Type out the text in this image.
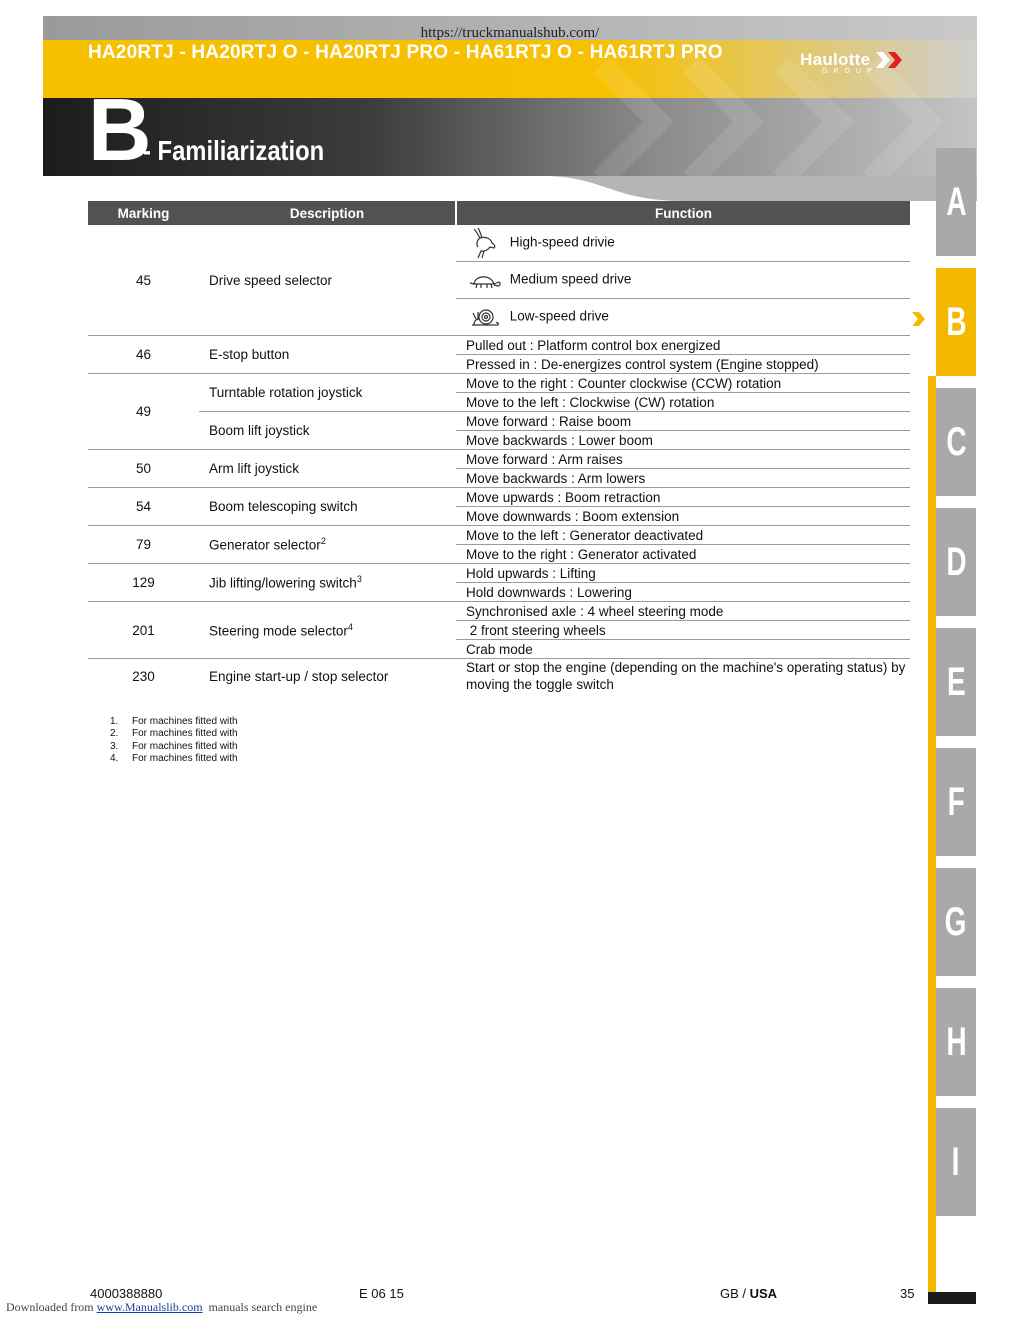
https://truckmanualshub.com/
HA20RTJ - HA20RTJ O - HA20RTJ PRO - HA61RTJ O - HA61RTJ PRO	Haulotte
GROUP
B
- Familiarization
A
B
C
D
E
F
G
H
I
Marking	Description	Function
45	Drive speed selector	High-speed drivie
		Medium speed drive
		Low-speed drive
46	E-stop button	Pulled out : Platform control box energized
		Pressed in : De-energizes control system (Engine stopped)
49	Turntable rotation joystick	Move to the right : Counter clockwise (CCW) rotation
		Move to the left : Clockwise (CW) rotation
	Boom lift joystick	Move forward : Raise boom
		Move backwards : Lower boom
50	Arm lift joystick	Move forward : Arm raises
		Move backwards : Arm lowers
54	Boom telescoping switch	Move upwards : Boom retraction
		Move downwards : Boom extension
79	Generator selector$^2$	Move to the left : Generator deactivated
		Move to the right : Generator activated
129	Jib lifting/lowering switch$^3$	Hold upwards : Lifting
		Hold downwards : Lowering
201	Steering mode selector$^4$	Synchronised axle : 4 wheel steering mode
		2 front steering wheels
		Crab mode
230	Engine start-up / stop selector	Start or stop the engine (depending on the machine's operating status) by moving the toggle switch
1. For machines fitted with
2. For machines fitted with
3. For machines fitted with
4. For machines fitted with
4000388880	E 06 15	GB / USA	35
Downloaded from www.Manualslib.com  manuals search engine
